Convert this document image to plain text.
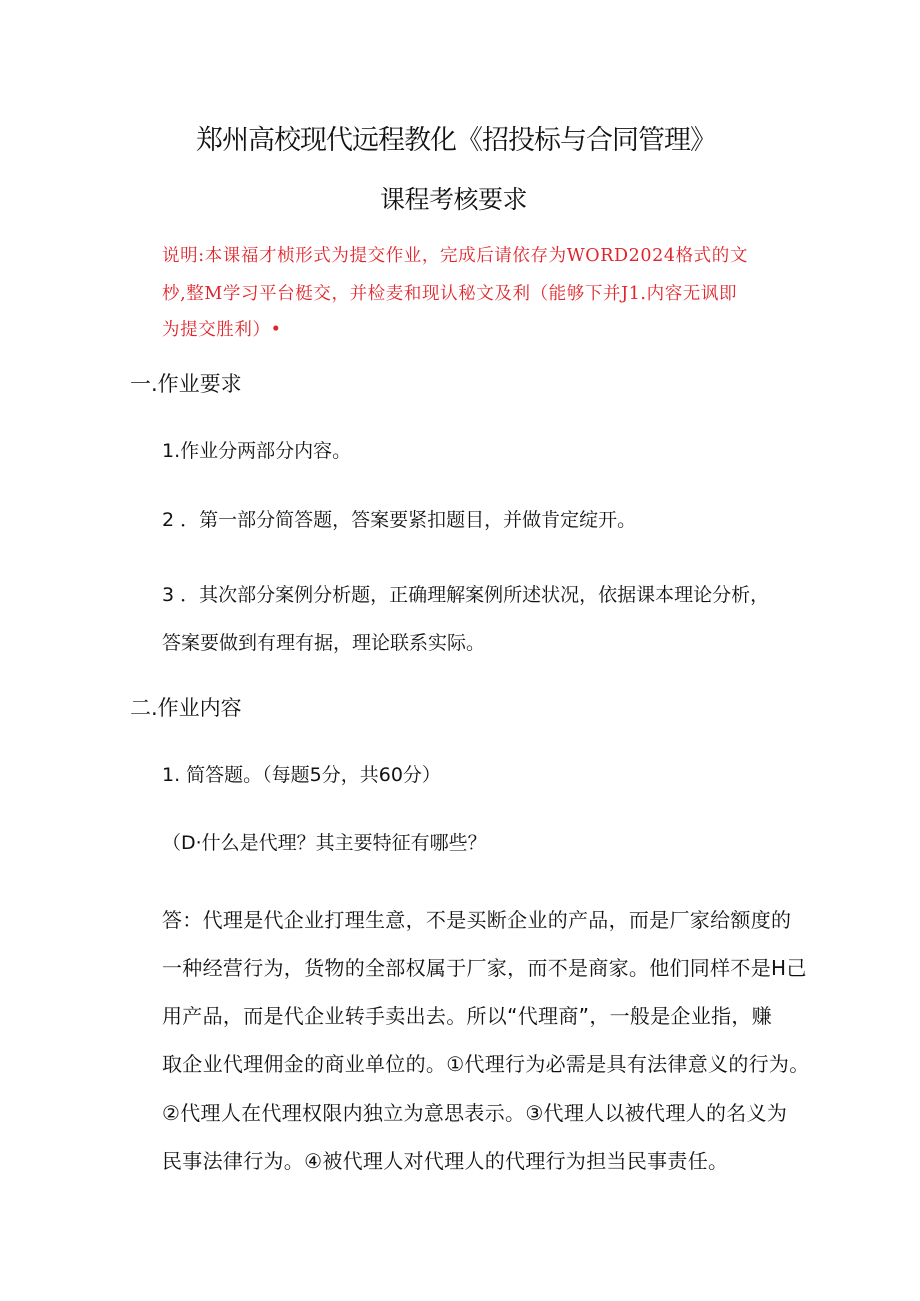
郑州高校现代远程教化《招投标与合同管理》
课程考核要求
说明:本课福才桢形式为提交作业，完成后请依存为WORD2024格式的文
杪,整M学习平台梃交，并检麦和现认秘文及利（能够下并J1.内容无讽即
为提交胜利）•
一.作业要求
1.作业分两部分内容。
2 ．第一部分简答题，答案要紧扣题目，并做肯定绽开。
3 ．其次部分案例分析题，正确理解案例所述状况，依据课本理论分析，
答案要做到有理有据，理论联系实际。
二.作业内容
1. 简答题。（每题5分，共60分）
（D·什么是代理？其主要特征有哪些？
答：代理是代企业打理生意，不是买断企业的产品，而是厂家给额度的
一种经营行为，货物的全部权属于厂家，而不是商家。他们同样不是H己
用产品，而是代企业转手卖出去。所以“代理商”，一般是企业指，赚
取企业代理佣金的商业单位的。①代理行为必需是具有法律意义的行为。
②代理人在代理权限内独立为意思表示。③代理人以被代理人的名义为
民事法律行为。④被代理人对代理人的代理行为担当民事责任。
